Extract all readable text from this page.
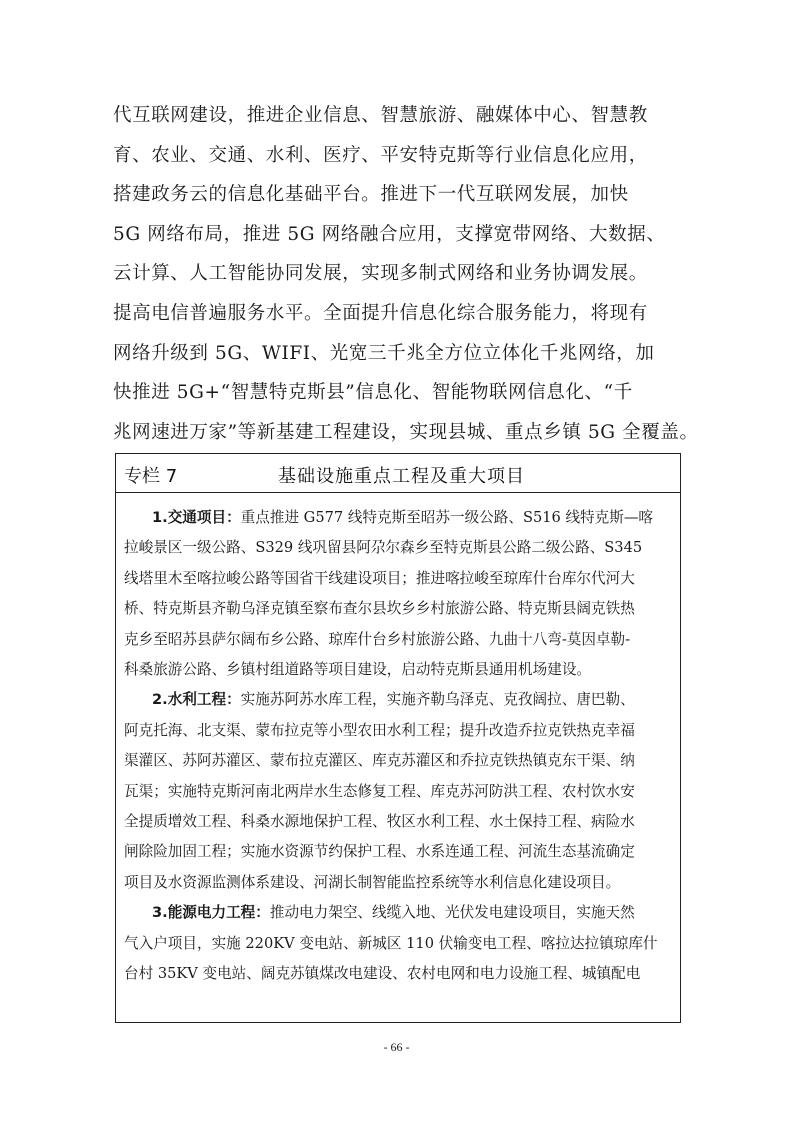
代互联网建设，推进企业信息、智慧旅游、融媒体中心、智慧教
育、农业、交通、水利、医疗、平安特克斯等行业信息化应用，
搭建政务云的信息化基础平台。推进下一代互联网发展，加快
5G 网络布局，推进 5G 网络融合应用，支撑宽带网络、大数据、
云计算、人工智能协同发展，实现多制式网络和业务协调发展。
提高电信普遍服务水平。全面提升信息化综合服务能力，将现有
网络升级到 5G、WIFI、光宽三千兆全方位立体化千兆网络，加
快推进 5G+“智慧特克斯县”信息化、智能物联网信息化、“千
兆网速进万家”等新基建工程建设，实现县城、重点乡镇 5G 全覆盖。
专栏 7	基础设施重点工程及重大项目
1.交通项目：重点推进 G577 线特克斯至昭苏一级公路、S516 线特克斯—喀
拉峻景区一级公路、S329 线巩留县阿尕尔森乡至特克斯县公路二级公路、S345
线塔里木至喀拉峻公路等国省干线建设项目；推进喀拉峻至琼库什台库尔代河大
桥、特克斯县齐勒乌泽克镇至察布查尔县坎乡乡村旅游公路、特克斯县阔克铁热
克乡至昭苏县萨尔阔布乡公路、琼库什台乡村旅游公路、九曲十八弯-莫因卓勒-
科桑旅游公路、乡镇村组道路等项目建设，启动特克斯县通用机场建设。
2.水利工程：实施苏阿苏水库工程，实施齐勒乌泽克、克孜阔拉、唐巴勒、
阿克托海、北支渠、蒙布拉克等小型农田水利工程；提升改造乔拉克铁热克幸福
渠灌区、苏阿苏灌区、蒙布拉克灌区、库克苏灌区和乔拉克铁热镇克东干渠、纳
瓦渠；实施特克斯河南北两岸水生态修复工程、库克苏河防洪工程、农村饮水安
全提质增效工程、科桑水源地保护工程、牧区水利工程、水土保持工程、病险水
闸除险加固工程；实施水资源节约保护工程、水系连通工程、河流生态基流确定
项目及水资源监测体系建设、河湖长制智能监控系统等水利信息化建设项目。
3.能源电力工程：推动电力架空、线缆入地、光伏发电建设项目，实施天然
气入户项目，实施 220KV 变电站、新城区 110 伏输变电工程、喀拉达拉镇琼库什
台村 35KV 变电站、阔克苏镇煤改电建设、农村电网和电力设施工程、城镇配电
- 66 -
